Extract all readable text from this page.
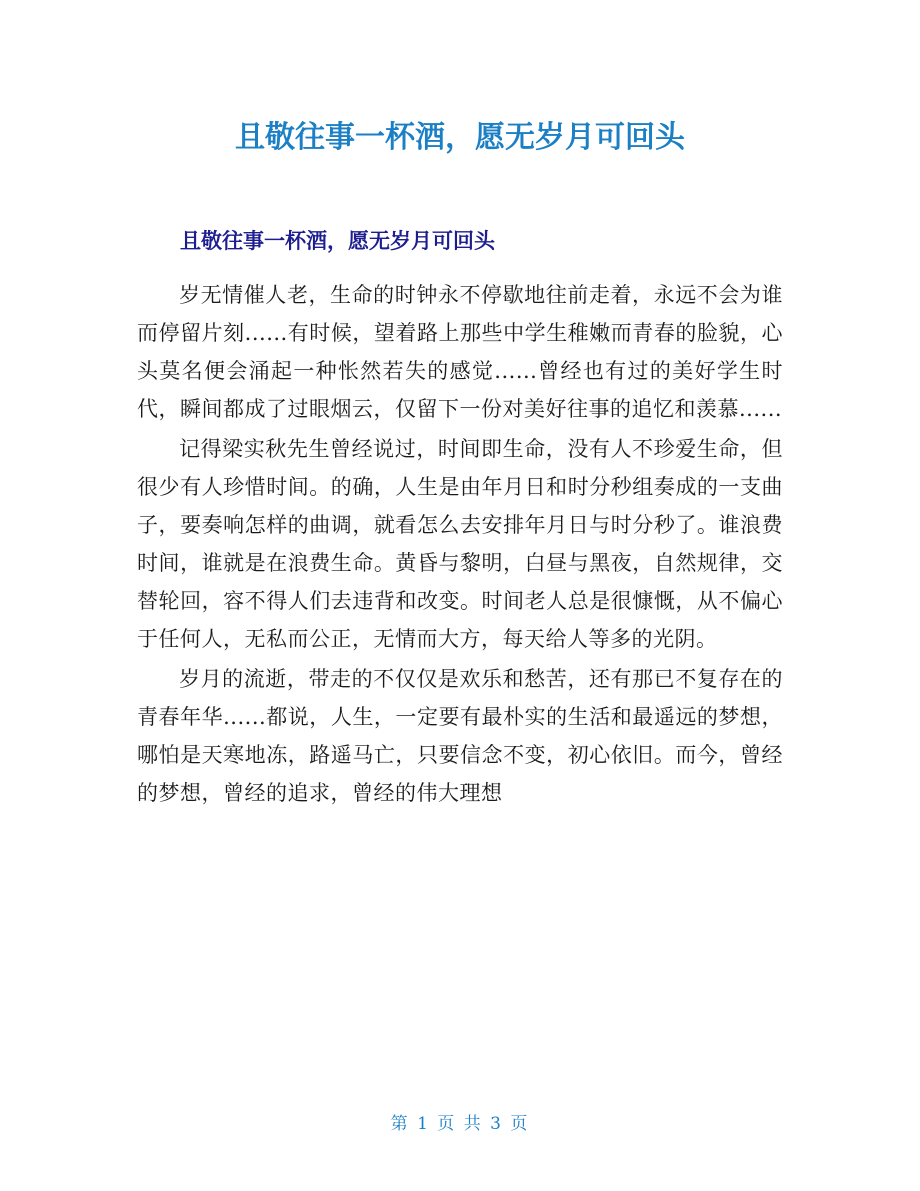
且敬往事一杯酒，愿无岁月可回头
且敬往事一杯酒，愿无岁月可回头

岁无情催人老，生命的时钟永不停歇地往前走着，永远不会为谁而停留片刻......有时候，望着路上那些中学生稚嫩而青春的脸貌，心头莫名便会涌起一种怅然若失的感觉......曾经也有过的美好学生时代，瞬间都成了过眼烟云，仅留下一份对美好往事的追忆和羡慕......

记得梁实秋先生曾经说过，时间即生命，没有人不珍爱生命，但很少有人珍惜时间。的确，人生是由年月日和时分秒组奏成的一支曲子，要奏响怎样的曲调，就看怎么去安排年月日与时分秒了。谁浪费时间，谁就是在浪费生命。黄昏与黎明，白昼与黑夜，自然规律，交替轮回，容不得人们去违背和改变。时间老人总是很慷慨，从不偏心于任何人，无私而公正，无情而大方，每天给人等多的光阴。

岁月的流逝，带走的不仅仅是欢乐和愁苦，还有那已不复存在的青春年华......都说，人生，一定要有最朴实的生活和最遥远的梦想，哪怕是天寒地冻，路遥马亡，只要信念不变，初心依旧。而今，曾经的梦想，曾经的追求，曾经的伟大理想

第 1 页 共 3 页
